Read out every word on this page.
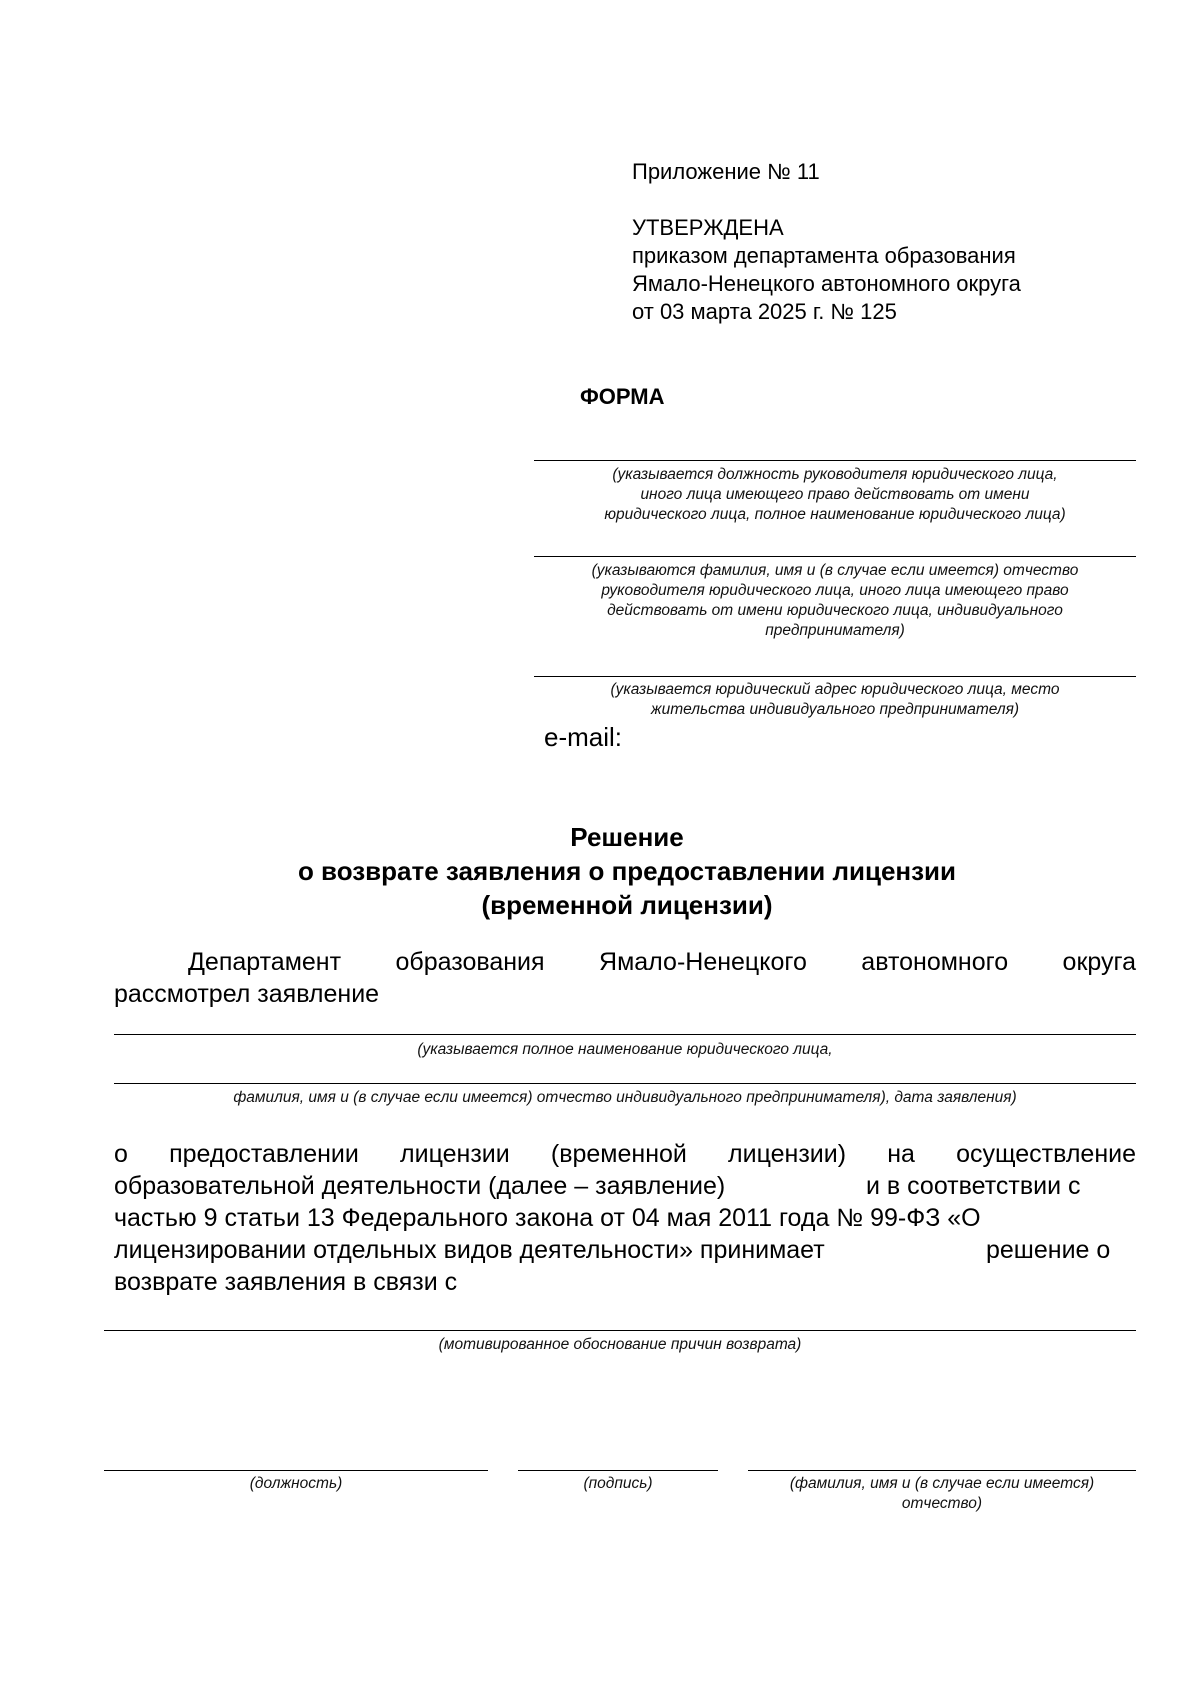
Приложение № 11
УТВЕРЖДЕНА
приказом департамента образования
Ямало-Ненецкого автономного округа
от 03 марта 2025 г. № 125
ФОРМА
(указывается должность руководителя юридического лица,
иного лица имеющего право действовать от имени
юридического лица, полное наименование юридического лица)
(указываются фамилия, имя и (в случае если имеется) отчество
руководителя юридического лица, иного лица имеющего право
действовать от имени юридического лица, индивидуального
предпринимателя)
(указывается юридический адрес юридического лица, место
жительства индивидуального предпринимателя)
e-mail:
Решение
о возврате заявления о предоставлении лицензии
(временной лицензии)
Департамент образования Ямало-Ненецкого автономного округа
рассмотрел заявление
(указывается полное наименование юридического лица,
фамилия, имя и (в случае если имеется) отчество индивидуального предпринимателя), дата заявления)
о предоставлении лицензии (временной лицензии) на осуществление
образовательной деятельности (далее – заявление)	и в соответствии с
частью 9 статьи 13 Федерального закона от 04 мая 2011 года № 99-ФЗ «О
лицензировании отдельных видов деятельности» принимает	решение о
возврате заявления в связи с
(мотивированное обоснование причин возврата)
(должность)	(подпись)	(фамилия, имя и (в случае если имеется)
отчество)
